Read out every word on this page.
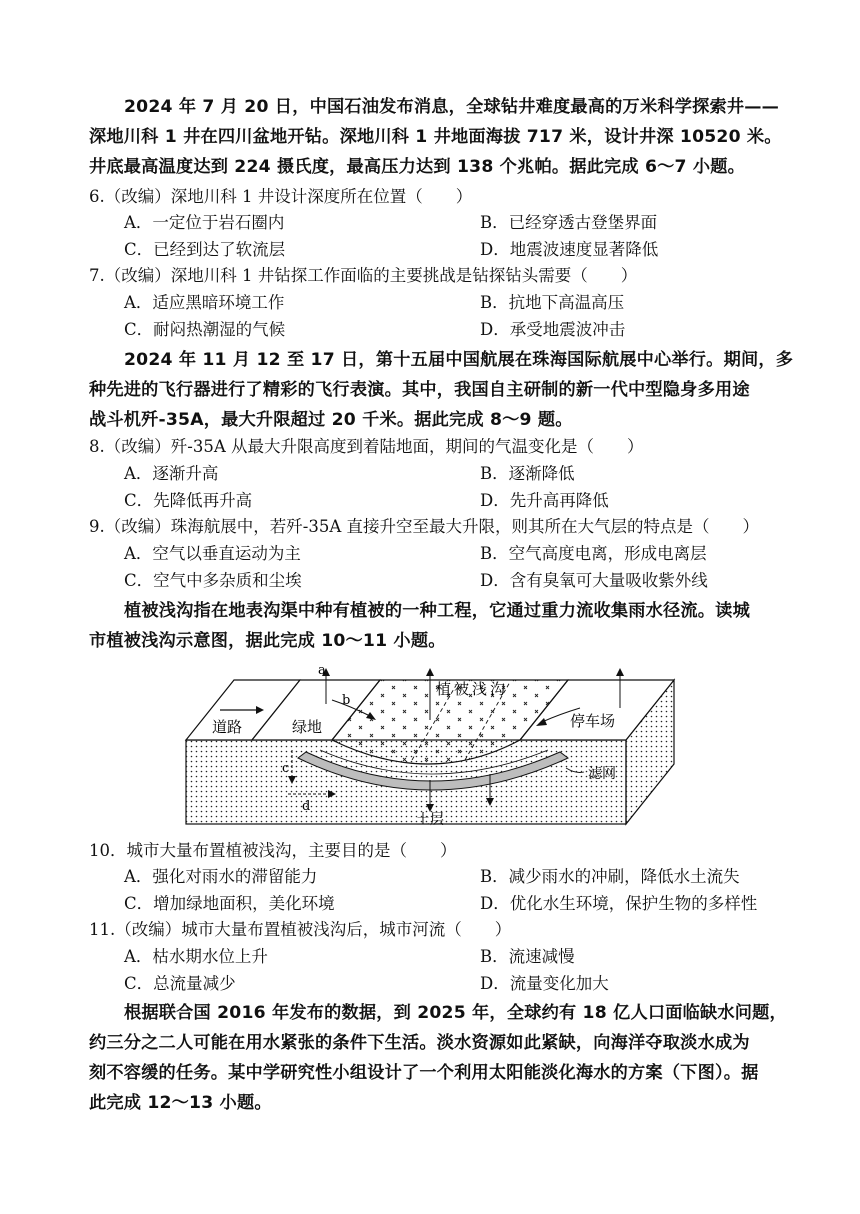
2024 年 7 月 20 日，中国石油发布消息，全球钻井难度最高的万米科学探索井——
深地川科 1 井在四川盆地开钻。深地川科 1 井地面海拔 717 米，设计井深 10520 米。
井底最高温度达到 224 摄氏度，最高压力达到 138 个兆帕。据此完成 6～7 小题。
6.（改编）深地川科 1 井设计深度所在位置（　　）
A．一定位于岩石圈内	B．已经穿透古登堡界面
C．已经到达了软流层	D．地震波速度显著降低
7.（改编）深地川科 1 井钻探工作面临的主要挑战是钻探钻头需要（　　）
A．适应黑暗环境工作	B．抗地下高温高压
C．耐闷热潮湿的气候	D．承受地震波冲击
2024 年 11 月 12 至 17 日，第十五届中国航展在珠海国际航展中心举行。期间，多
种先进的飞行器进行了精彩的飞行表演。其中，我国自主研制的新一代中型隐身多用途
战斗机歼-35A，最大升限超过 20 千米。据此完成 8～9 题。
8.（改编）歼-35A 从最大升限高度到着陆地面，期间的气温变化是（　　）
A．逐渐升高	B．逐渐降低
C．先降低再升高	D．先升高再降低
9.（改编）珠海航展中，若歼-35A 直接升空至最大升限，则其所在大气层的特点是（　　）
A．空气以垂直运动为主	B．空气高度电离，形成电离层
C．空气中多杂质和尘埃	D．含有臭氧可大量吸收紫外线
植被浅沟指在地表沟渠中种有植被的一种工程，它通过重力流收集雨水径流。读城
市植被浅沟示意图，据此完成 10～11 小题。
a
b
c
d
道路	绿地
植被浅沟
停车场
滤网
土层
10．城市大量布置植被浅沟，主要目的是（　　）
A．强化对雨水的滞留能力	B．减少雨水的冲刷，降低水土流失
C．增加绿地面积，美化环境	D．优化水生环境，保护生物的多样性
11.（改编）城市大量布置植被浅沟后，城市河流（　　）
A．枯水期水位上升	B．流速减慢
C．总流量减少	D．流量变化加大
根据联合国 2016 年发布的数据，到 2025 年，全球约有 18 亿人口面临缺水问题，
约三分之二人可能在用水紧张的条件下生活。淡水资源如此紧缺，向海洋夺取淡水成为
刻不容缓的任务。某中学研究性小组设计了一个利用太阳能淡化海水的方案（下图）。据
此完成 12～13 小题。
